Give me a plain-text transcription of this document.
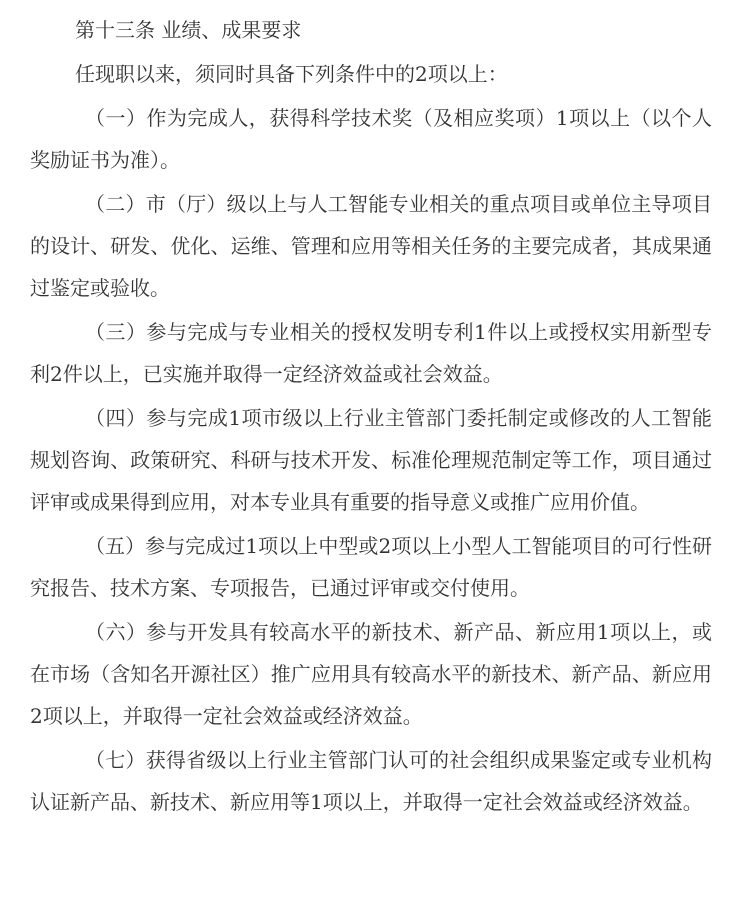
第十三条 业绩、成果要求

任现职以来，须同时具备下列条件中的2项以上：

（一）作为完成人，获得科学技术奖（及相应奖项）1项以上（以个人奖励证书为准）。

（二）市（厅）级以上与人工智能专业相关的重点项目或单位主导项目的设计、研发、优化、运维、管理和应用等相关任务的主要完成者，其成果通过鉴定或验收。

（三）参与完成与专业相关的授权发明专利1件以上或授权实用新型专利2件以上，已实施并取得一定经济效益或社会效益。

（四）参与完成1项市级以上行业主管部门委托制定或修改的人工智能规划咨询、政策研究、科研与技术开发、标准伦理规范制定等工作，项目通过评审或成果得到应用，对本专业具有重要的指导意义或推广应用价值。

（五）参与完成过1项以上中型或2项以上小型人工智能项目的可行性研究报告、技术方案、专项报告，已通过评审或交付使用。

（六）参与开发具有较高水平的新技术、新产品、新应用1项以上，或在市场（含知名开源社区）推广应用具有较高水平的新技术、新产品、新应用2项以上，并取得一定社会效益或经济效益。

（七）获得省级以上行业主管部门认可的社会组织成果鉴定或专业机构认证新产品、新技术、新应用等1项以上，并取得一定社会效益或经济效益。
